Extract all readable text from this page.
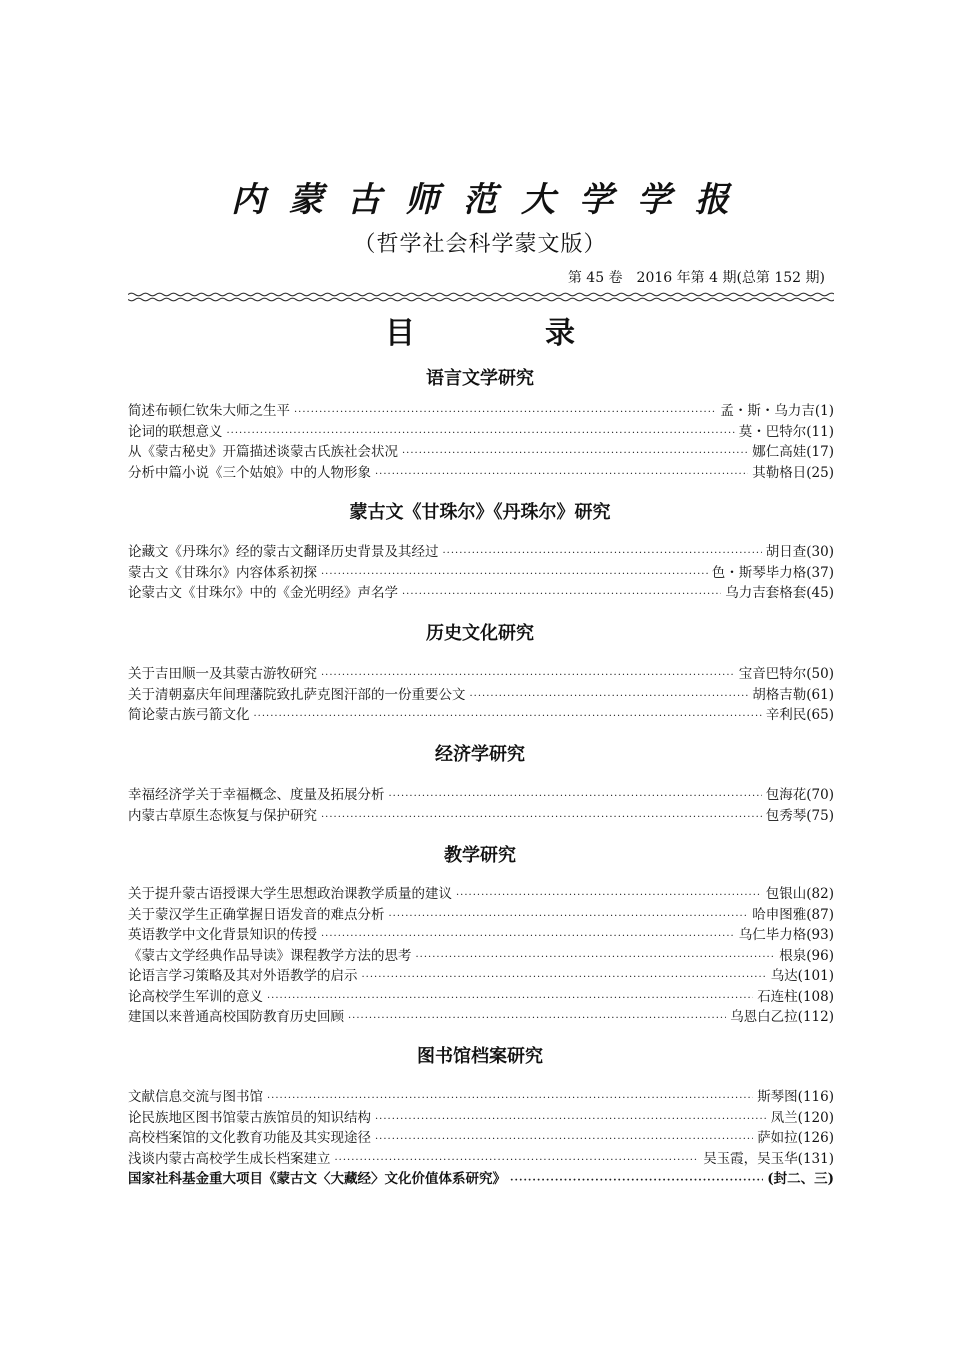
内蒙古师范大学学报
（哲学社会科学蒙文版）
第 45 卷　2016 年第 4 期(总第 152 期)
目　录
语言文学研究
简述布顿仁钦朱大师之生平 ·····	孟・斯・乌力吉(1)
论词的联想意义 ·····	莫・巴特尔(11)
从《蒙古秘史》开篇描述谈蒙古氏族社会状况 ·····	娜仁高娃(17)
分析中篇小说《三个姑娘》中的人物形象 ·····	其勒格日(25)
蒙古文《甘珠尔》《丹珠尔》研究
论藏文《丹珠尔》经的蒙古文翻译历史背景及其经过 ·····	胡日查(30)
蒙古文《甘珠尔》内容体系初探 ·····	色・斯琴毕力格(37)
论蒙古文《甘珠尔》中的《金光明经》声名学 ·····	乌力吉套格套(45)
历史文化研究
关于吉田顺一及其蒙古游牧研究 ·····	宝音巴特尔(50)
关于清朝嘉庆年间理藩院致扎萨克图汗部的一份重要公文 ·····	胡格吉勒(61)
简论蒙古族弓箭文化 ·····	辛利民(65)
经济学研究
幸福经济学关于幸福概念、度量及拓展分析 ·····	包海花(70)
内蒙古草原生态恢复与保护研究 ·····	包秀琴(75)
教学研究
关于提升蒙古语授课大学生思想政治课教学质量的建议 ·····	包银山(82)
关于蒙汉学生正确掌握日语发音的难点分析 ·····	哈申图雅(87)
英语教学中文化背景知识的传授 ·····	乌仁毕力格(93)
《蒙古文学经典作品导读》课程教学方法的思考 ·····	根泉(96)
论语言学习策略及其对外语教学的启示 ·····	乌达(101)
论高校学生军训的意义 ·····	石连柱(108)
建国以来普通高校国防教育历史回顾 ·····	乌恩白乙拉(112)
图书馆档案研究
文献信息交流与图书馆 ·····	斯琴图(116)
论民族地区图书馆蒙古族馆员的知识结构 ·····	凤兰(120)
高校档案馆的文化教育功能及其实现途径 ·····	萨如拉(126)
浅谈内蒙古高校学生成长档案建立 ·····	吴玉霞，吴玉华(131)
国家社科基金重大项目《蒙古文〈大藏经〉文化价值体系研究》 ·····	(封二、三)
